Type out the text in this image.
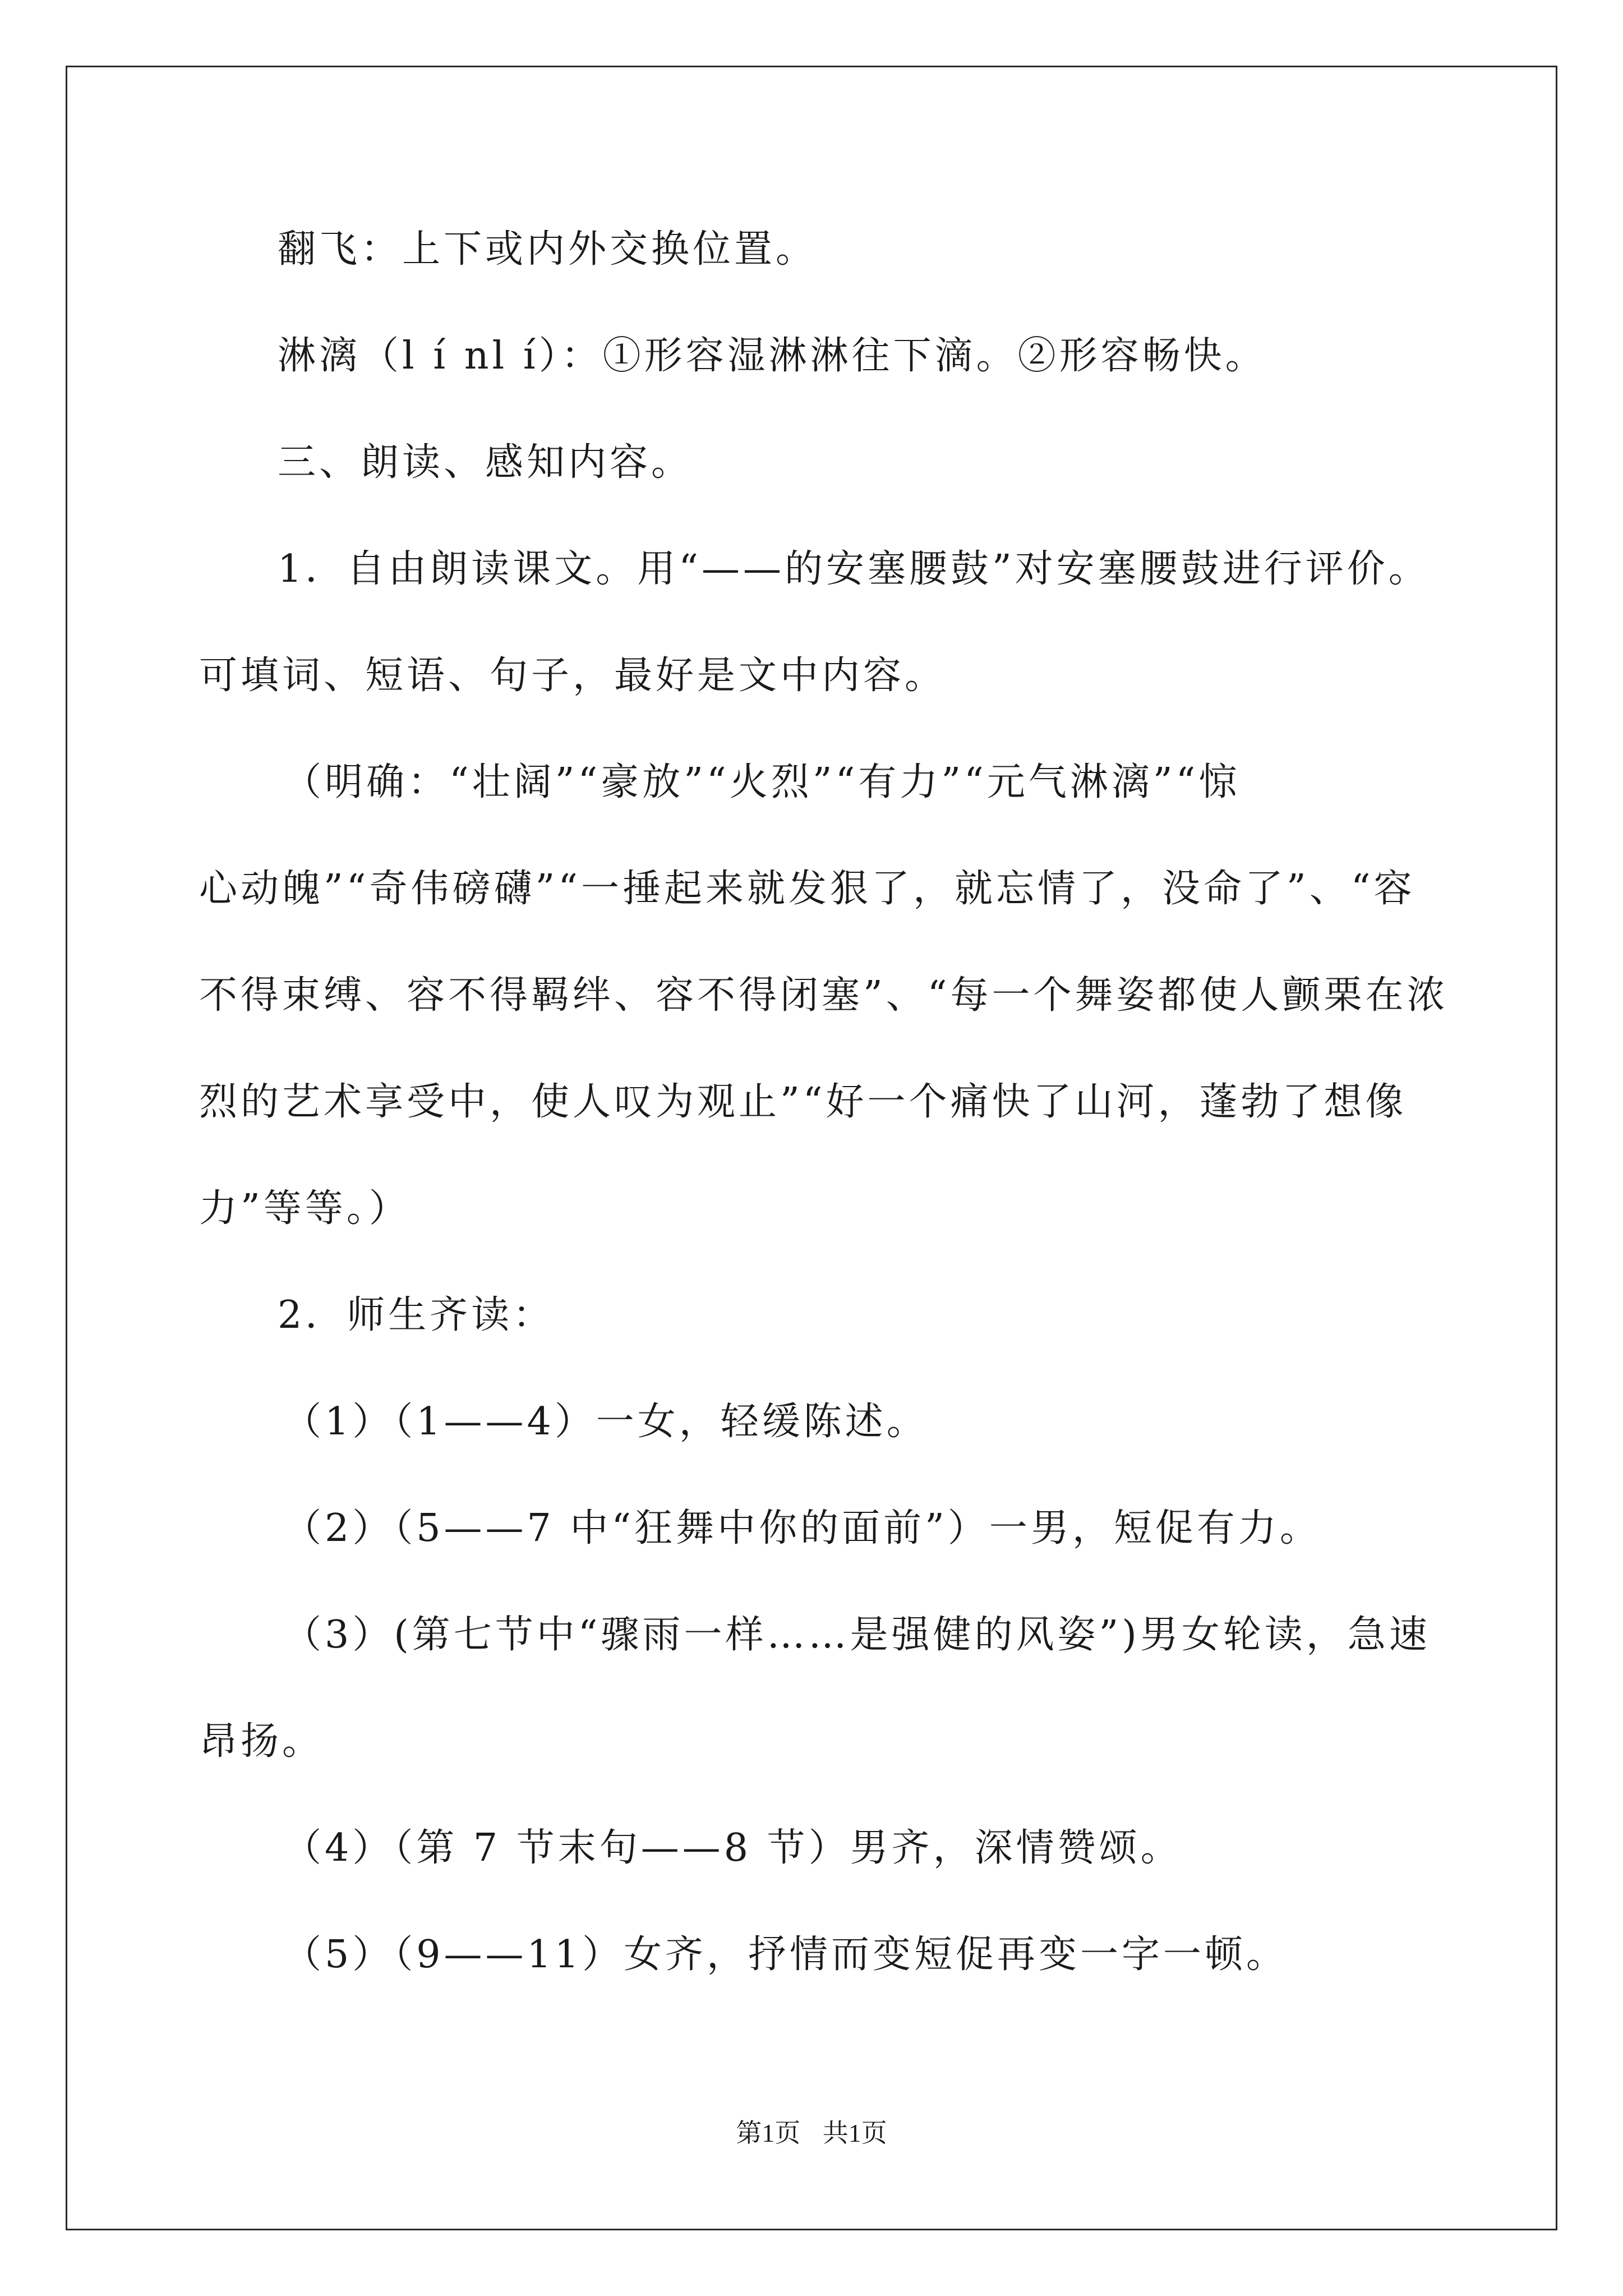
翻飞：上下或内外交换位置。
淋漓（l í nl í）：①形容湿淋淋往下滴。②形容畅快。
三、朗读、感知内容。
1．自由朗读课文。用“——的安塞腰鼓”对安塞腰鼓进行评价。
可填词、短语、句子，最好是文中内容。
（明确：“壮阔”“豪放”“火烈”“有力”“元气淋漓”“惊
心动魄”“奇伟磅礴”“一捶起来就发狠了，就忘情了，没命了”、“容
不得束缚、容不得羁绊、容不得闭塞”、“每一个舞姿都使人颤栗在浓
烈的艺术享受中，使人叹为观止”“好一个痛快了山河，蓬勃了想像
力”等等。）
2．师生齐读：
（1）（1——4）一女，轻缓陈述。
（2）（5——7 中“狂舞中你的面前”）一男，短促有力。
（3）(第七节中“骤雨一样……是强健的风姿”)男女轮读，急速
昂扬。
（4）（第 7 节末句——8 节）男齐，深情赞颂。
（5）（9——11）女齐，抒情而变短促再变一字一顿。
第1页 共1页
